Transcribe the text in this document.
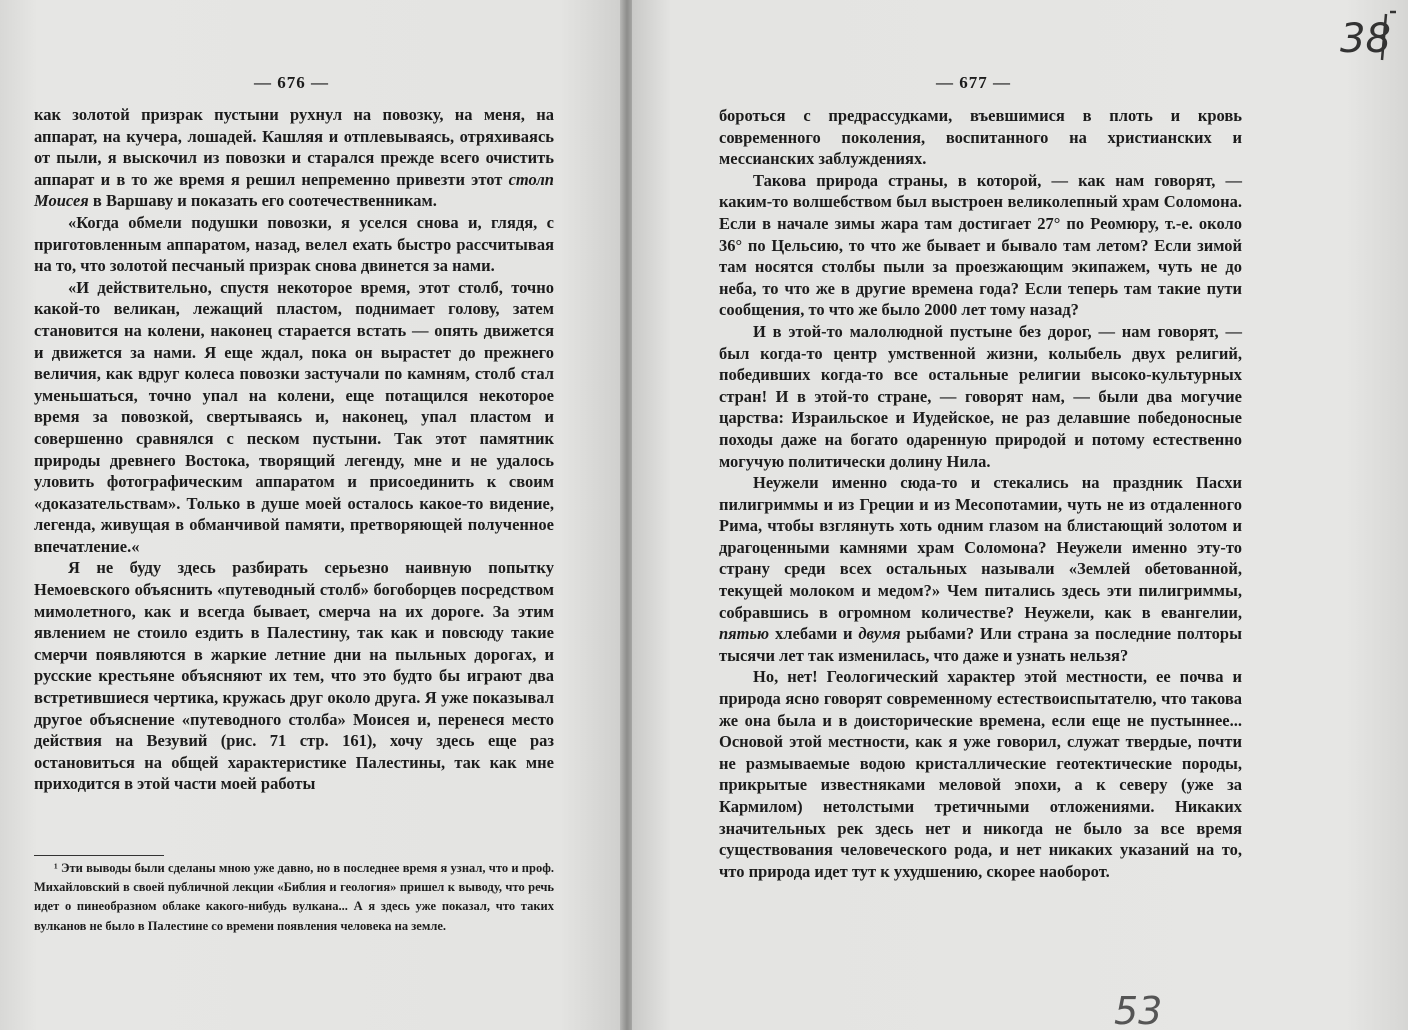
— 676 —

как золотой призрак пустыни рухнул на повозку, на меня, на аппарат, на кучера, лошадей. Кашляя и отплевываясь, отряхиваясь от пыли, я выскочил из повозки и старался прежде всего очистить аппарат и в то же время я решил непременно привезти этот столп Моисея в Варшаву и показать его соотечественникам.

«Когда обмели подушки повозки, я уселся снова и, глядя, с приготовленным аппаратом, назад, велел ехать быстро рассчитывая на то, что золотой песчаный призрак снова двинется за нами.

«И действительно, спустя некоторое время, этот столб, точно какой-то великан, лежащий пластом, поднимает голову, затем становится на колени, наконец старается встать — опять движется и движется за нами. Я еще ждал, пока он вырастет до прежнего величия, как вдруг колеса повозки застучали по камням, столб стал уменьшаться, точно упал на колени, еще потащился некоторое время за повозкой, свертываясь и, наконец, упал пластом и совершенно сравнялся с песком пустыни. Так этот памятник природы древнего Востока, творящий легенду, мне и не удалось уловить фотографическим аппаратом и присоединить к своим «доказательствам». Только в душе моей осталось какое-то видение, легенда, живущая в обманчивой памяти, претворяющей полученное впечатление.«

Я не буду здесь разбирать серьезно наивную попытку Немоевского объяснить «путеводный столб» богоборцев посредством мимолетного, как и всегда бывает, смерча на их дороге. За этим явлением не стоило ездить в Палестину, так как и повсюду такие смерчи появляются в жаркие летние дни на пыльных дорогах, и русские крестьяне объясняют их тем, что это будто бы играют два встретившиеся чертика, кружась друг около друга. Я уже показывал другое объяснение «путеводного столба» Моисея и, перенеся место действия на Везувий (рис. 71 стр. 161), хочу здесь еще раз остановиться на общей характеристике Палестины, так как мне приходится в этой части моей работы

¹ Эти выводы были сделаны мною уже давно, но в последнее время я узнал, что и проф. Михайловский в своей публичной лекции «Библия и геология» пришел к выводу, что речь идет о пинеобразном облаке какого-нибудь вулкана... А я здесь уже показал, что таких вулканов не было в Палестине со времени появления человека на земле.

— 677 —

бороться с предрассудками, въевшимися в плоть и кровь современного поколения, воспитанного на христианских и мессианских заблуждениях.

Такова природа страны, в которой, — как нам говорят, — каким-то волшебством был выстроен великолепный храм Соломона. Если в начале зимы жара там достигает 27° по Реомюру, т.-е. около 36° по Цельсию, то что же бывает и бывало там летом? Если зимой там носятся столбы пыли за проезжающим экипажем, чуть не до неба, то что же в другие времена года? Если теперь там такие пути сообщения, то что же было 2000 лет тому назад?

И в этой-то малолюдной пустыне без дорог, — нам говорят, — был когда-то центр умственной жизни, колыбель двух религий, победивших когда-то все остальные религии высоко-культурных стран! И в этой-то стране, — говорят нам, — были два могучие царства: Израильское и Иудейское, не раз делавшие победоносные походы даже на богато одаренную природой и потому естественно могучую политически долину Нила.

Неужели именно сюда-то и стекались на праздник Пасхи пилигриммы и из Греции и из Месопотамии, чуть не из отдаленного Рима, чтобы взглянуть хоть одним глазом на блистающий золотом и драгоценными камнями храм Соломона? Неужели именно эту-то страну среди всех остальных называли «Землей обетованной, текущей молоком и медом?» Чем питались здесь эти пилигриммы, собравшись в огромном количестве? Неужели, как в евангелии, пятью хлебами и двумя рыбами? Или страна за последние полторы тысячи лет так изменилась, что даже и узнать нельзя?

Но, нет! Геологический характер этой местности, ее почва и природа ясно говорят современному естествоиспытателю, что такова же она была и в доисторические времена, если еще не пустыннее... Основой этой местности, как я уже говорил, служат твердые, почти не размываемые водою кристаллические геотектические породы, прикрытые известняками меловой эпохи, а к северу (уже за Кармилом) нетолстыми третичными отложениями. Никаких значительных рек здесь нет и никогда не было за все время существования человеческого рода, и нет никаких указаний на то, что природа идет тут к ухудшению, скорее наоборот.

38
53
